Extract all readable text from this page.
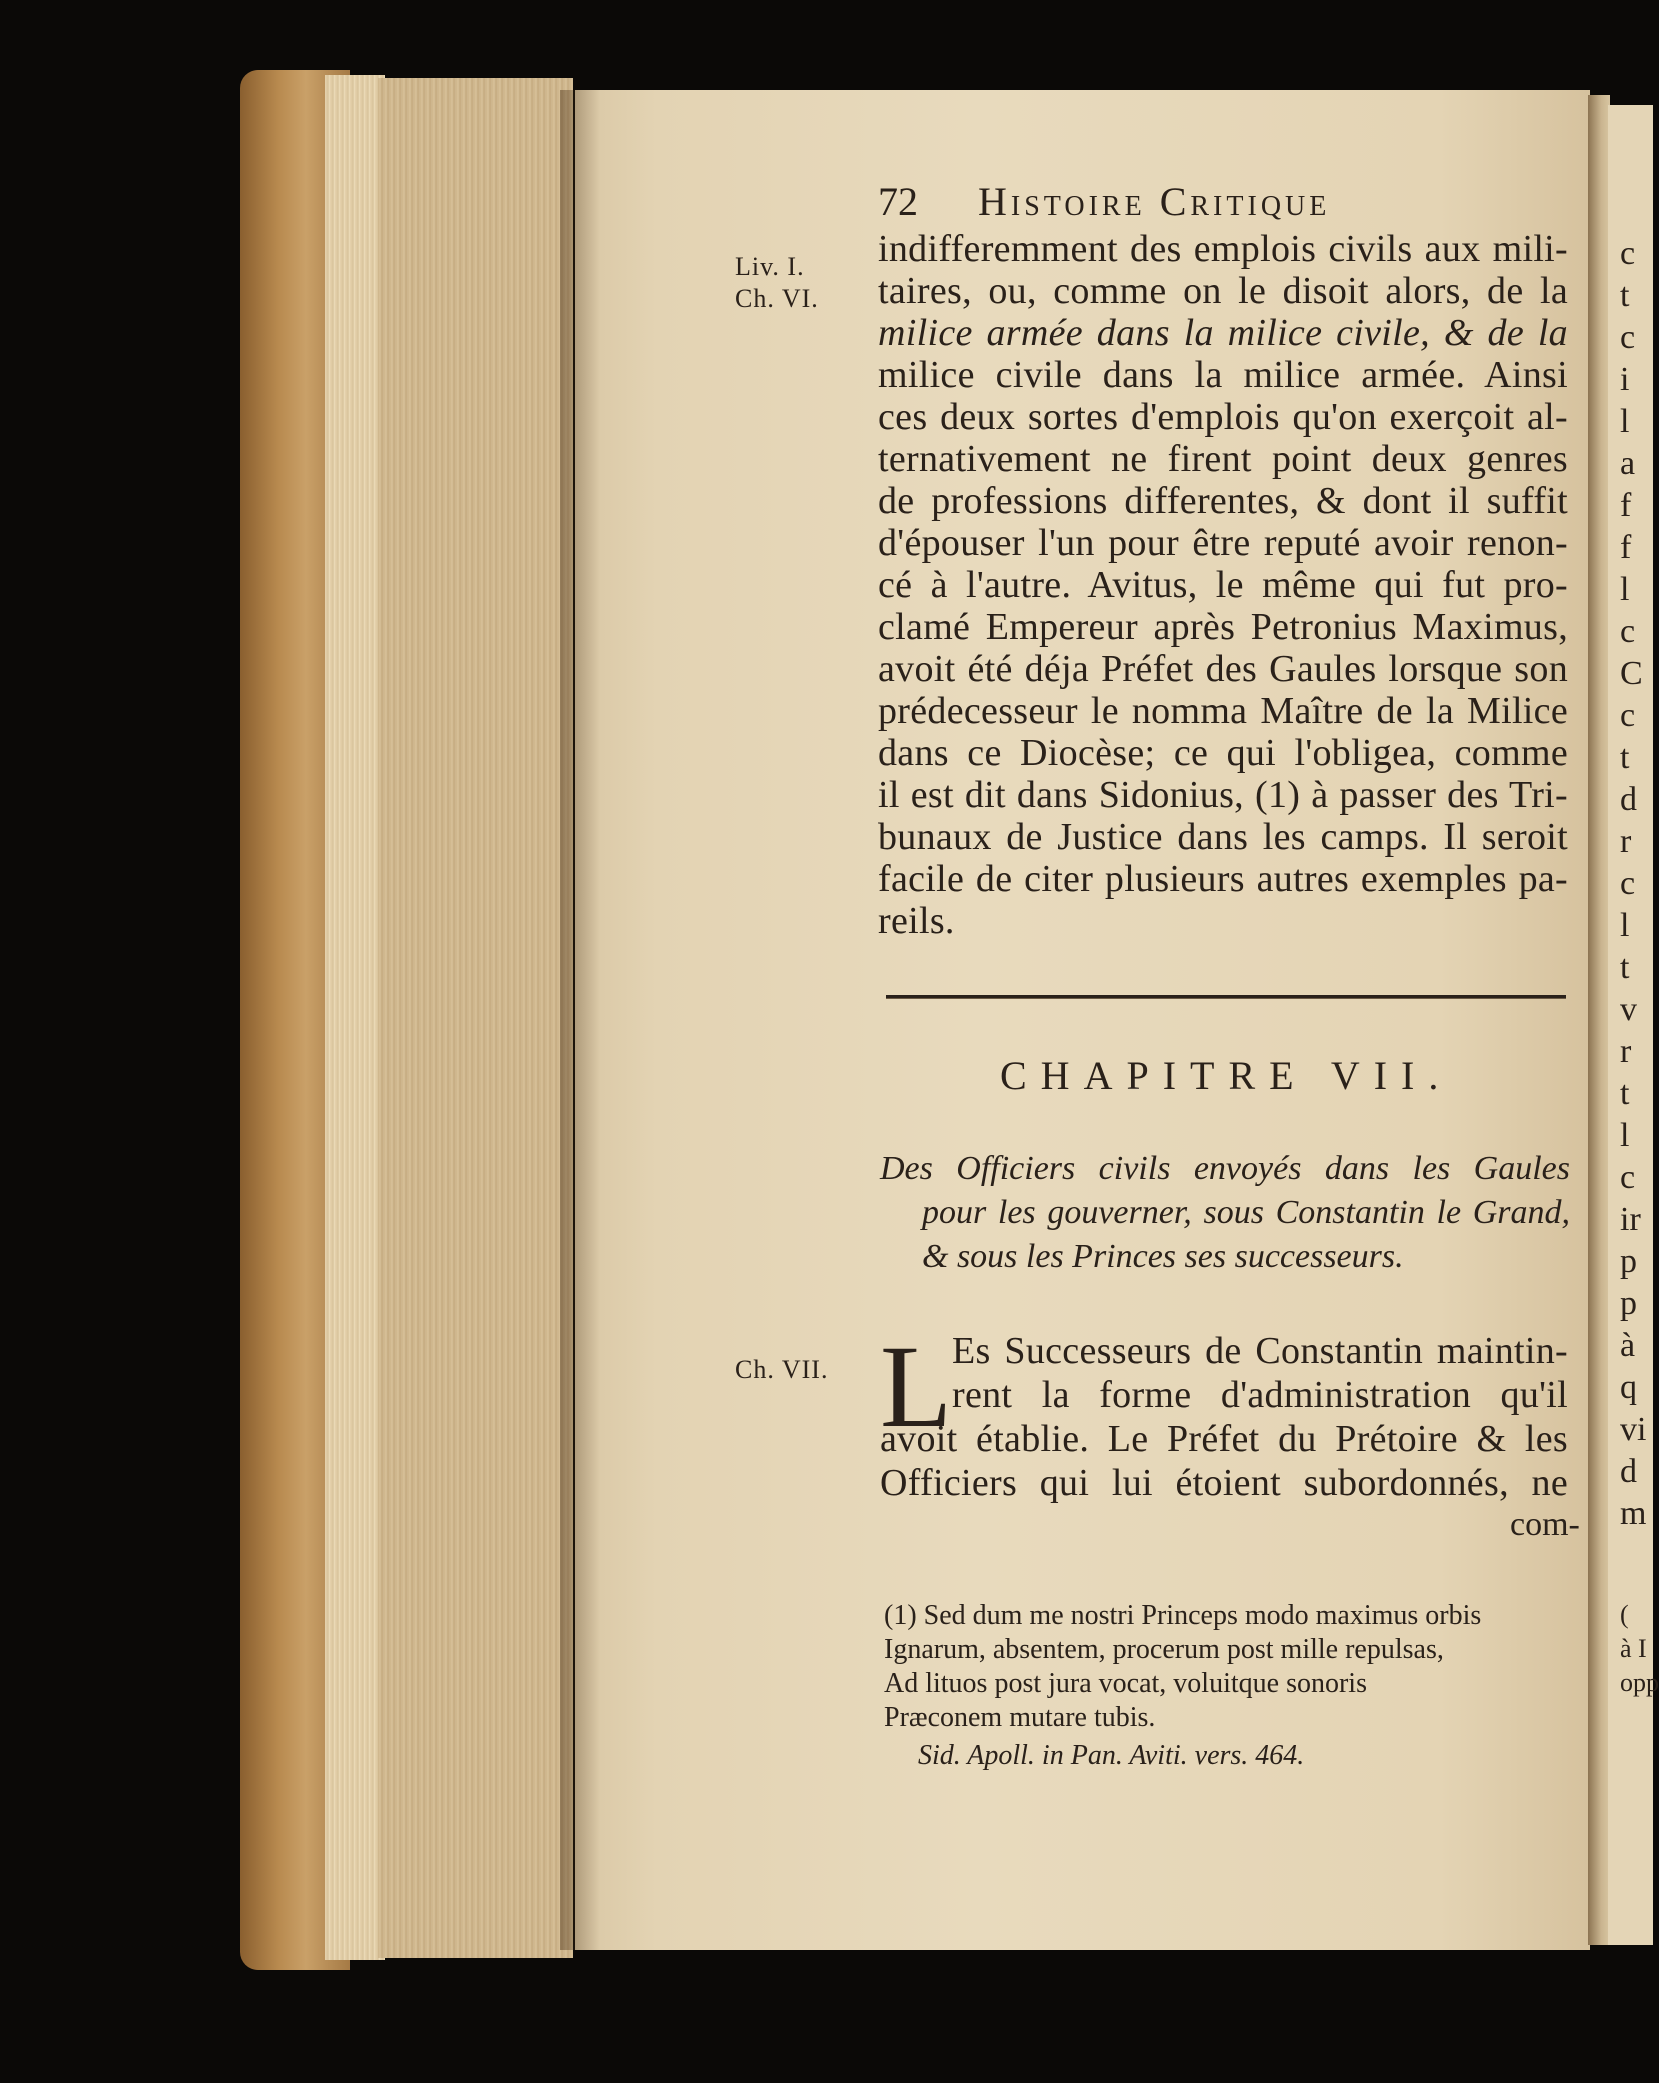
72 Histoire Critique
Liv. I.
Ch. VI.
indifferemment des emplois civils aux mili-
taires, ou, comme on le disoit alors, de la
milice armée dans la milice civile, & de la
milice civile dans la milice armée. Ainsi
ces deux sortes d'emplois qu'on exerçoit al-
ternativement ne firent point deux genres
de professions differentes, & dont il suffit
d'épouser l'un pour être reputé avoir renon-
cé à l'autre. Avitus, le même qui fut pro-
clamé Empereur après Petronius Maximus,
avoit été déja Préfet des Gaules lorsque son
prédecesseur le nomma Maître de la Milice
dans ce Diocèse; ce qui l'obligea, comme
il est dit dans Sidonius, (1) à passer des Tri-
bunaux de Justice dans les camps. Il seroit
facile de citer plusieurs autres exemples pa-
reils.
CHAPITRE VII.
Des Officiers civils envoyés dans les Gaules
pour les gouverner, sous Constantin le Grand,
& sous les Princes ses successeurs.
Ch. VII. L Es Successeurs de Constantin maintin-
rent la forme d'administration qu'il
avoit établie. Le Préfet du Prétoire & les
Officiers qui lui étoient subordonnés, ne
com-
(1) Sed dum me nostri Princeps modo maximus orbis
Ignarum, absentem, procerum post mille repulsas,
Ad lituos post jura vocat, voluitque sonoris
Præconem mutare tubis.
Sid. Apoll. in Pan. Aviti. vers. 464.
c
t
c
i
l
a
f
f
l
c
C
c
t
d
r
c
l
t
v
r
t
l
c
ir
p
p
à
q
vi
d
m
(
à I
opp
